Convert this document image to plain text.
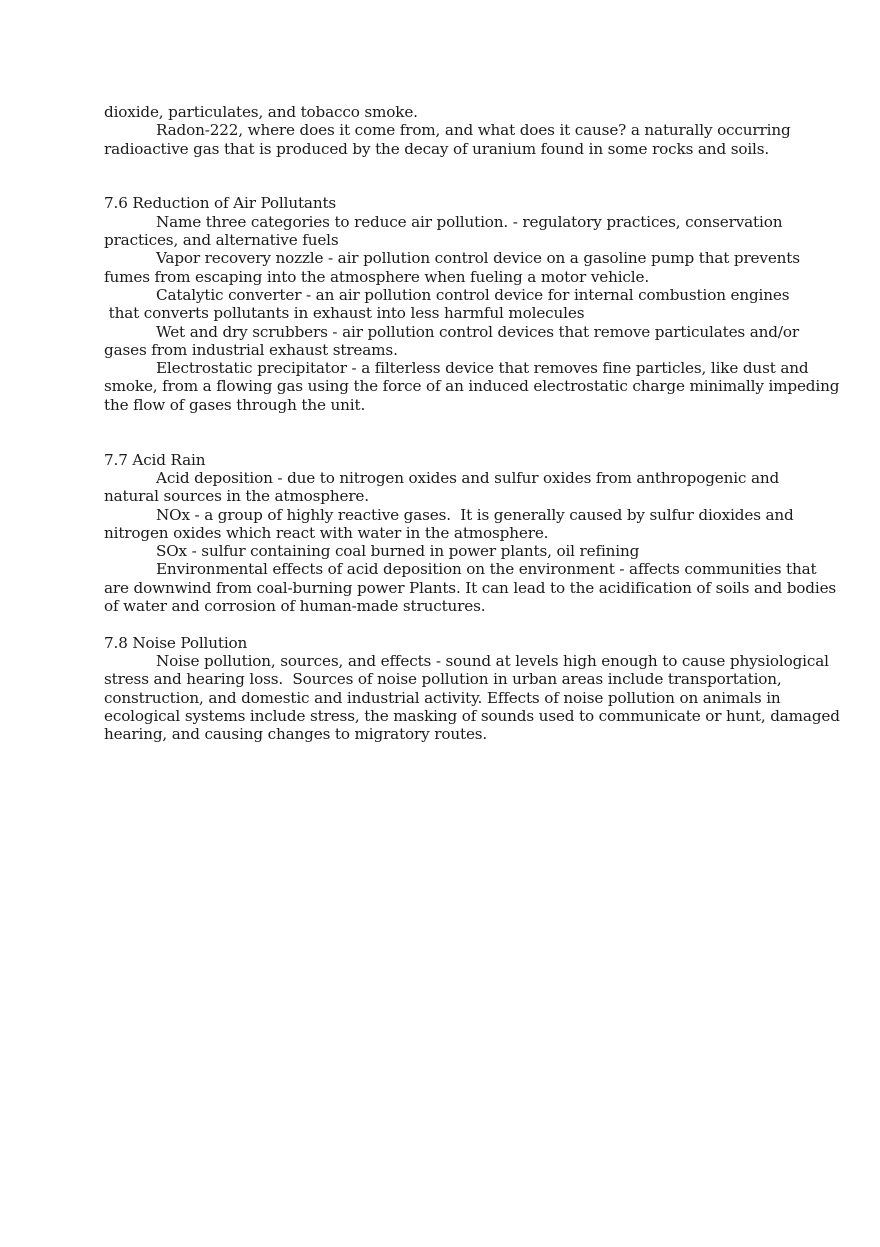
dioxide, particulates, and tobacco smoke.
Radon-222, where does it come from, and what does it cause? a naturally occurring
radioactive gas that is produced by the decay of uranium found in some rocks and soils.
7.6 Reduction of Air Pollutants
Name three categories to reduce air pollution. - regulatory practices, conservation
practices, and alternative fuels
Vapor recovery nozzle - air pollution control device on a gasoline pump that prevents
fumes from escaping into the atmosphere when fueling a motor vehicle.
Catalytic converter - an air pollution control device for internal combustion engines
that converts pollutants in exhaust into less harmful molecules
Wet and dry scrubbers - air pollution control devices that remove particulates and/or
gases from industrial exhaust streams.
Electrostatic precipitator - a filterless device that removes fine particles, like dust and
smoke, from a flowing gas using the force of an induced electrostatic charge minimally impeding
the flow of gases through the unit.
7.7 Acid Rain
Acid deposition - due to nitrogen oxides and sulfur oxides from anthropogenic and
natural sources in the atmosphere.
NOx - a group of highly reactive gases.  It is generally caused by sulfur dioxides and
nitrogen oxides which react with water in the atmosphere.
SOx - sulfur containing coal burned in power plants, oil refining
Environmental effects of acid deposition on the environment - affects communities that
are downwind from coal-burning power Plants. It can lead to the acidification of soils and bodies
of water and corrosion of human-made structures.
7.8 Noise Pollution
Noise pollution, sources, and effects - sound at levels high enough to cause physiological
stress and hearing loss.  Sources of noise pollution in urban areas include transportation,
construction, and domestic and industrial activity. Effects of noise pollution on animals in
ecological systems include stress, the masking of sounds used to communicate or hunt, damaged
hearing, and causing changes to migratory routes.
